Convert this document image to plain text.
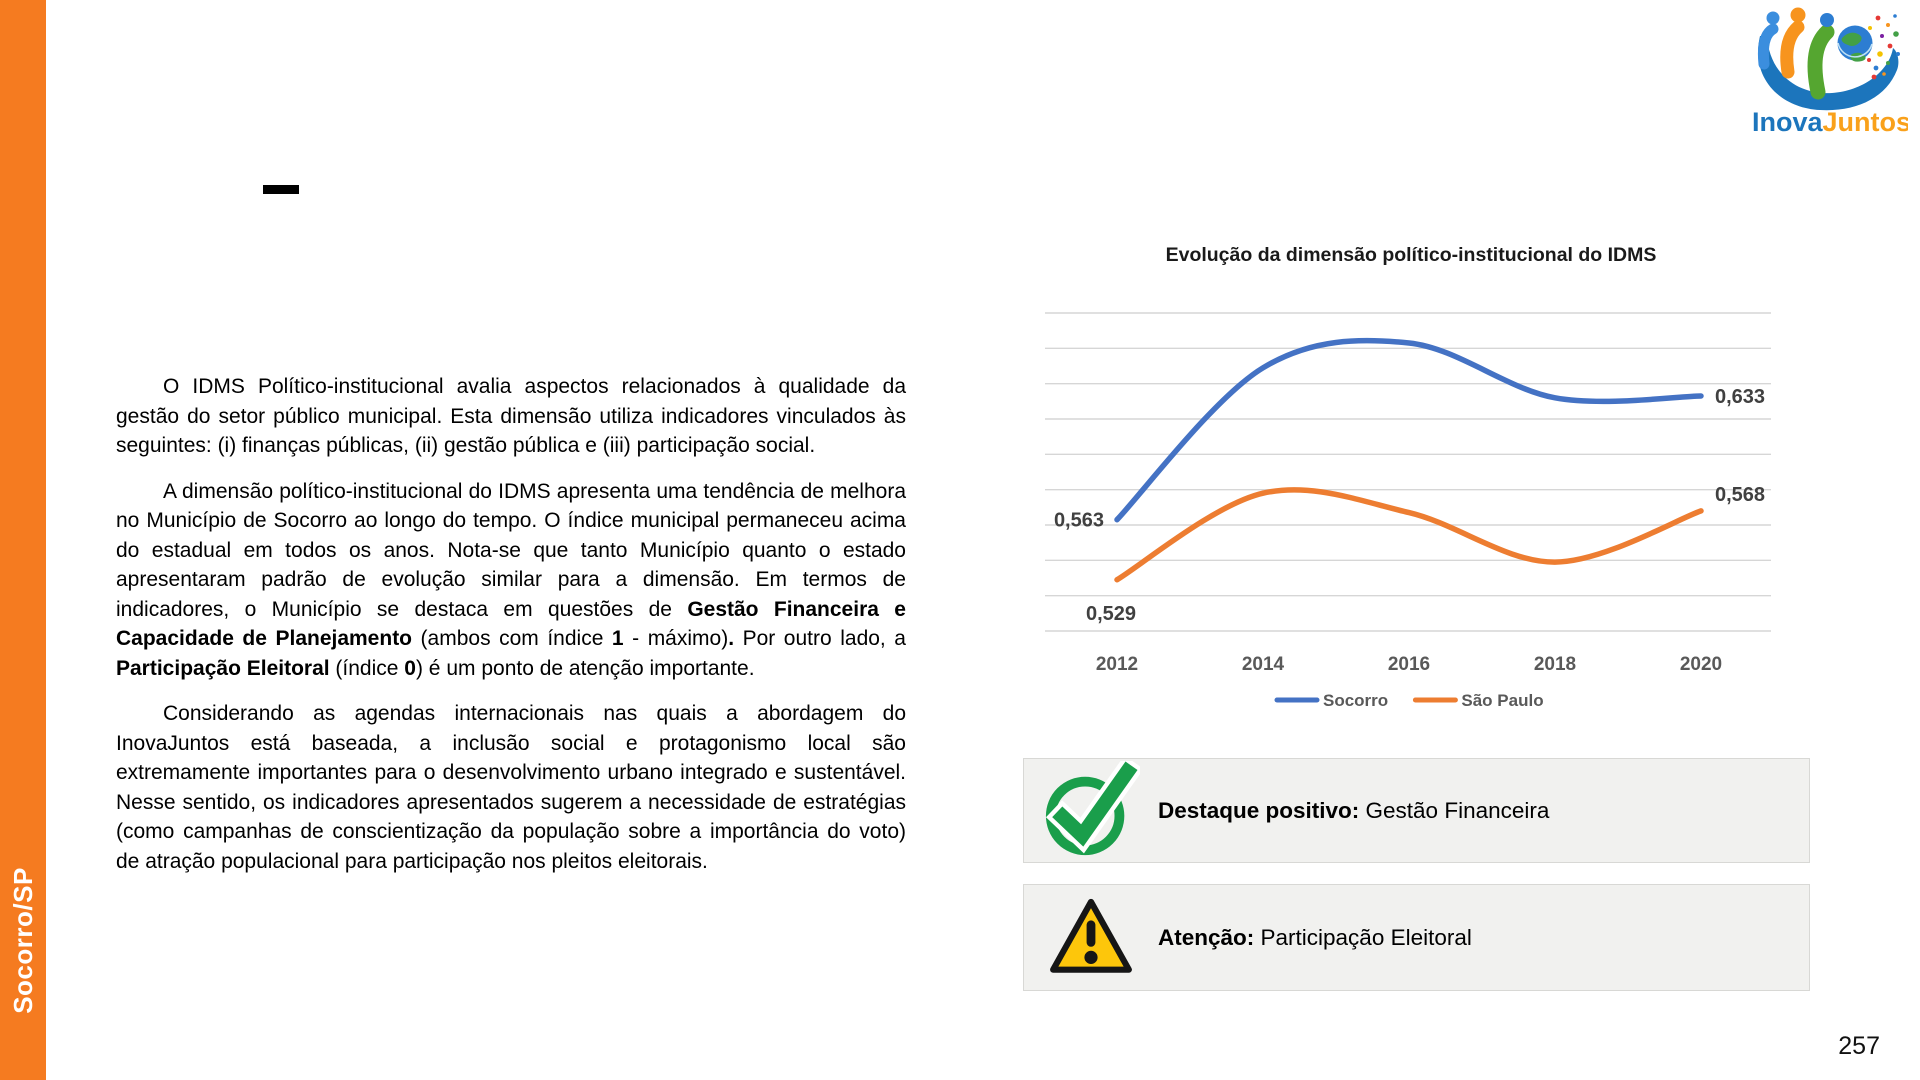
Socorro/SP
InovaJuntos

O IDMS Político-institucional avalia aspectos relacionados à qualidade da gestão do setor público municipal. Esta dimensão utiliza indicadores vinculados às seguintes: (i) finanças públicas, (ii) gestão pública e (iii) participação social.

A dimensão político-institucional do IDMS apresenta uma tendência de melhora no Município de Socorro ao longo do tempo. O índice municipal permaneceu acima do estadual em todos os anos. Nota-se que tanto Município quanto o estado apresentaram padrão de evolução similar para a dimensão. Em termos de indicadores, o Município se destaca em questões de Gestão Financeira e Capacidade de Planejamento (ambos com índice 1 - máximo). Por outro lado, a Participação Eleitoral (índice 0) é um ponto de atenção importante.

Considerando as agendas internacionais nas quais a abordagem do InovaJuntos está baseada, a inclusão social e protagonismo local são extremamente importantes para o desenvolvimento urbano integrado e sustentável. Nesse sentido, os indicadores apresentados sugerem a necessidade de estratégias (como campanhas de conscientização da população sobre a importância do voto) de atração populacional para participação nos pleitos eleitorais.

Evolução da dimensão político-institucional do IDMS
0,563
0,633
0,529
0,568
2012	2014	2016	2018	2020
Socorro	São Paulo
Destaque positivo: Gestão Financeira
Atenção: Participação Eleitoral
257
